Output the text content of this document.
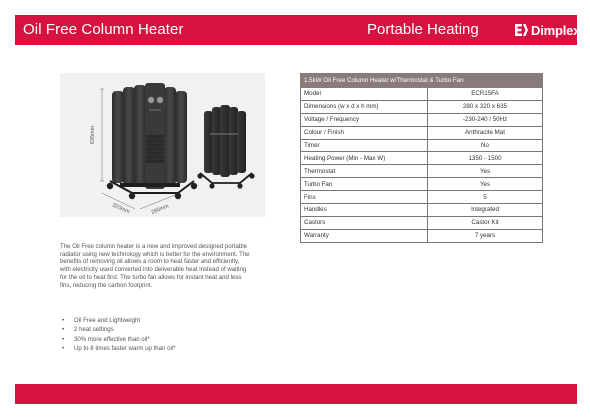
Oil Free Column Heater	Portable Heating	Dimplex
635mm
320mm	280mm
1.5kW Oil Free Column Heater w/Thermostat & Turbo Fan	
Model	ECR15FA
Dimensions (w x d x h mm)	280 x 320 x 635
Voltage / Frequency	-230-240 / 50Hz
Colour / Finish	Anthracite Mat
Timer	No
Heating Power (Min - Max W)	1350 - 1500
Thermostat	Yes
Turbo Fan	Yes
Fins	5
Handles	Integrated
Castors	Castor Kit
Warranty	7 years

The Oil Free column heater is a new and improved designed portable radiator using new technology which is better for the environment. The benefits of removing oil allows a room to heat faster and efficiently, with electricity used converted into deliverable heat instead of waiting for the oil to heat first. The turbo fan allows for instant heat and less fins, reducing the carbon footprint.

• Oil Free and Lightweight
• 2 heat settings
• 30% more effective than oil*
• Up to 8 times faster warm up than oil*
